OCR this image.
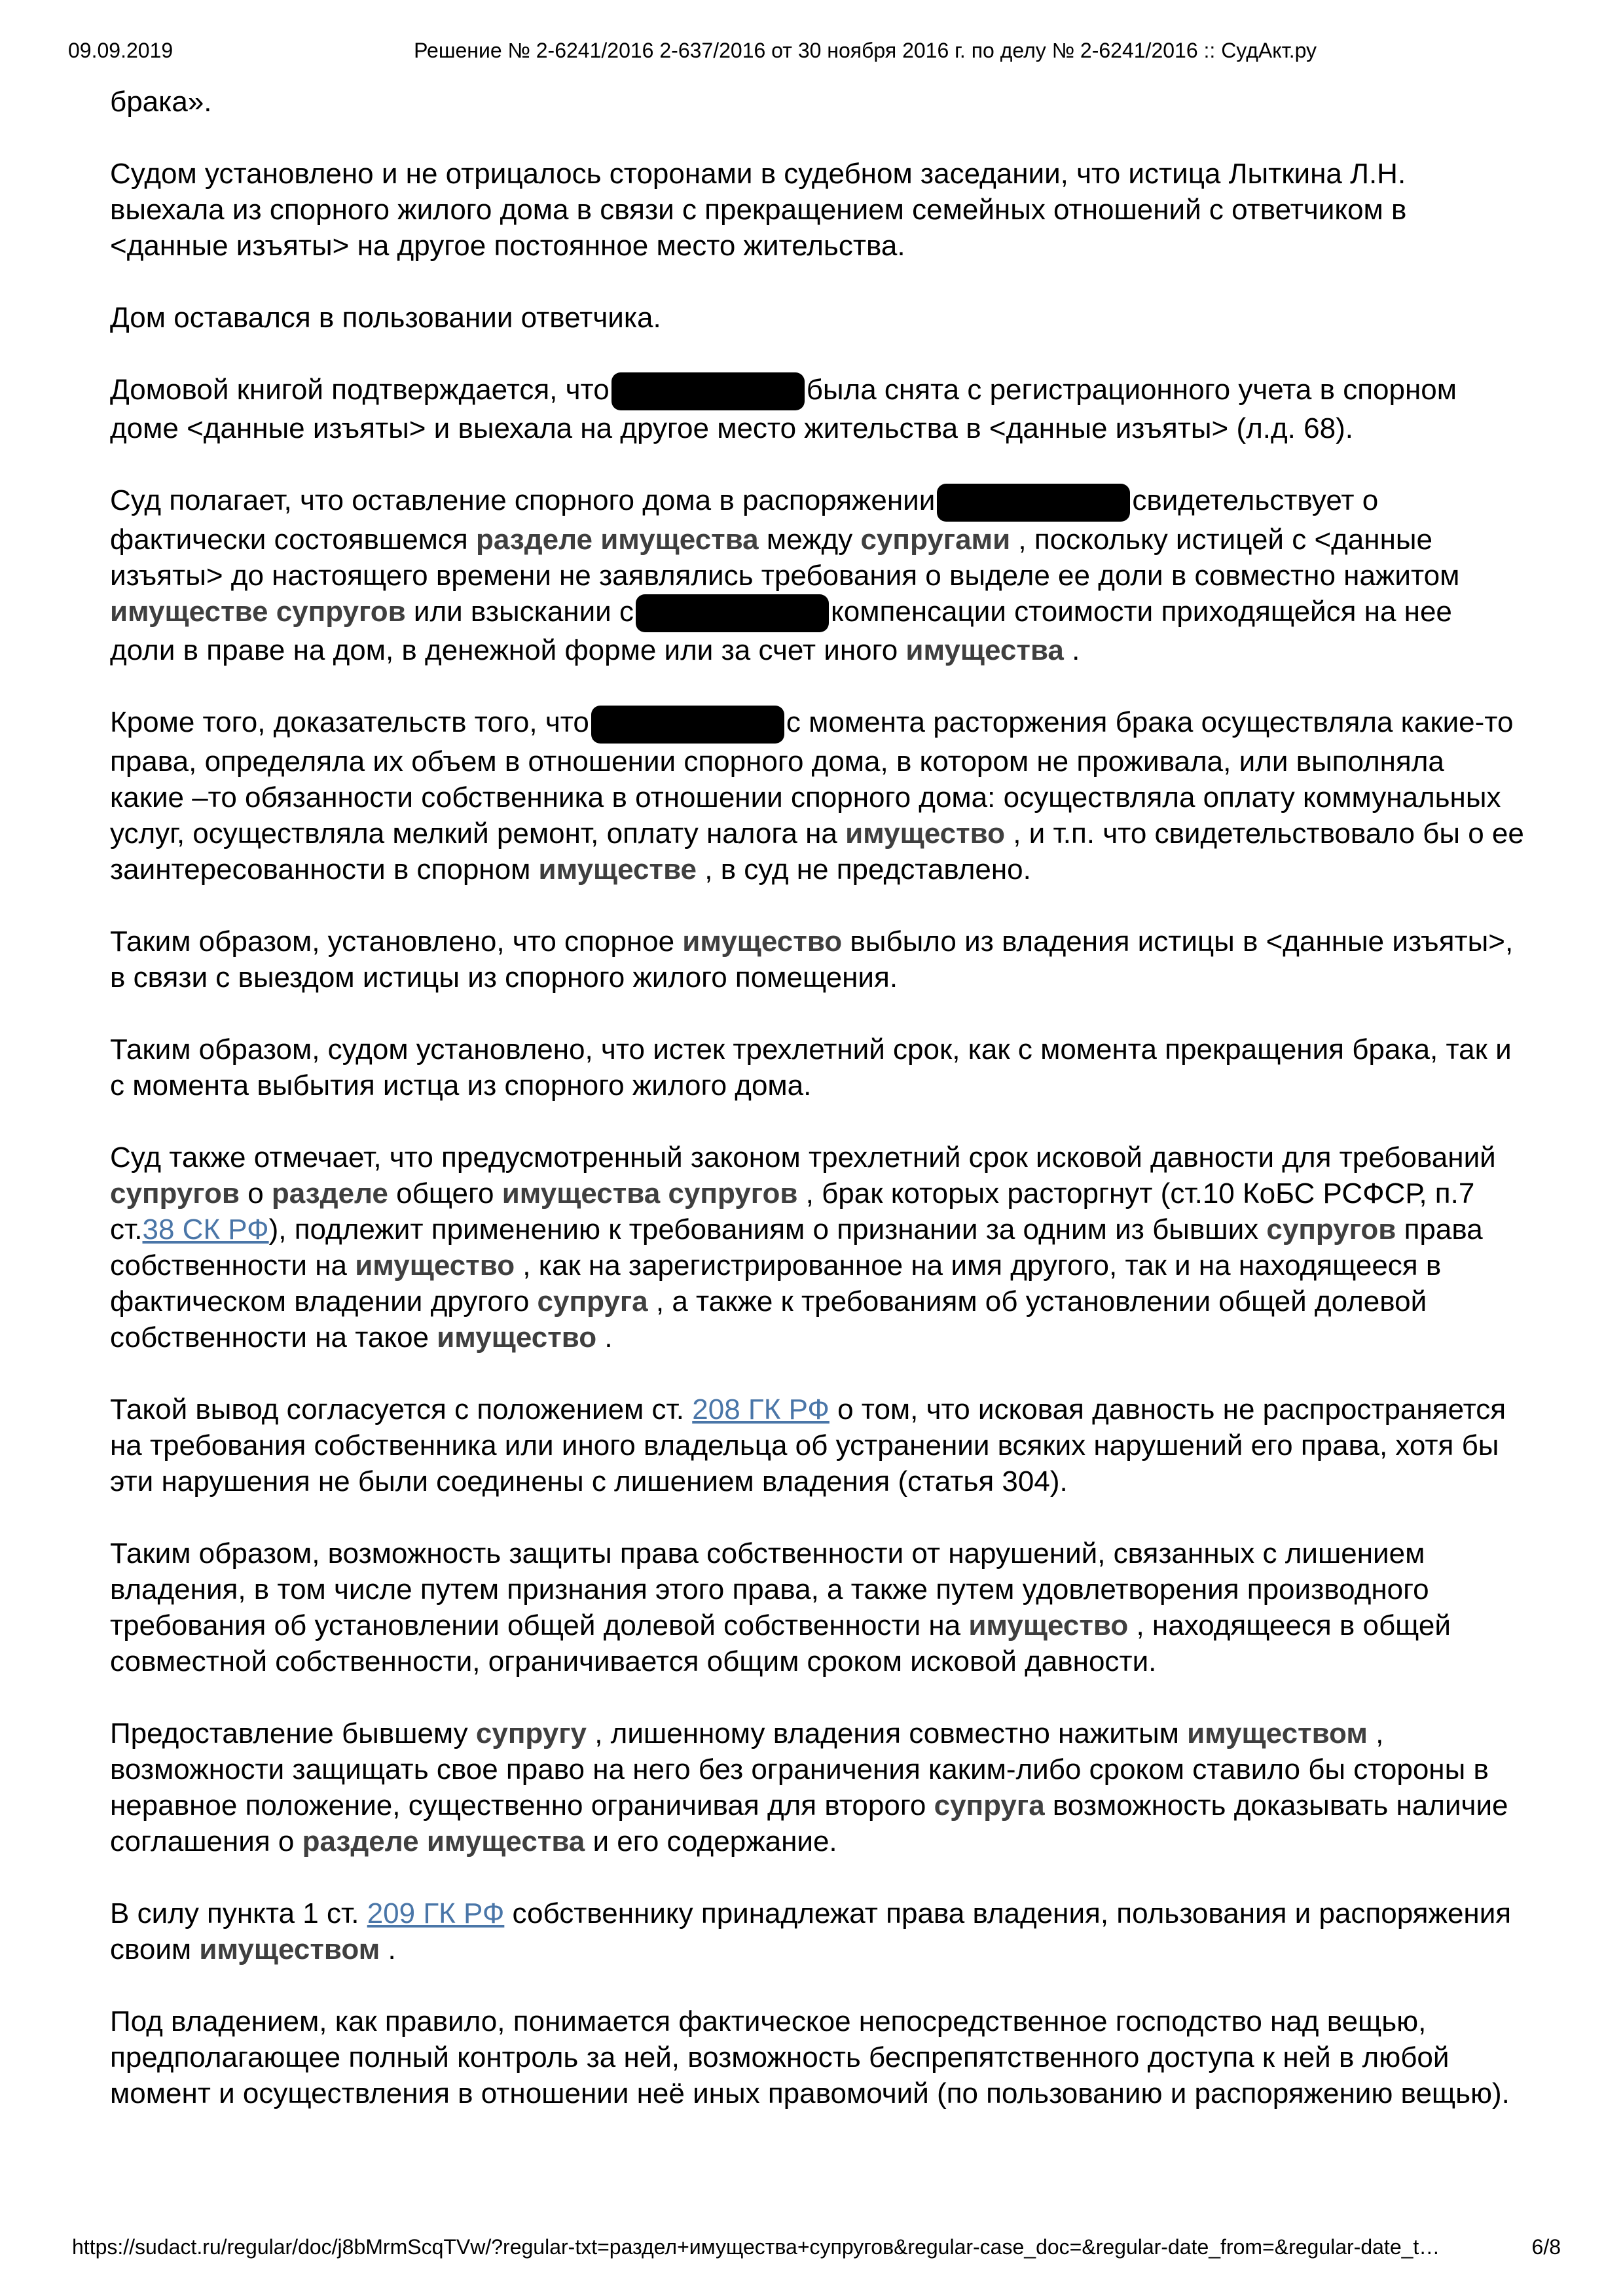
09.09.2019	Решение № 2-6241/2016 2-637/2016 от 30 ноября 2016 г. по делу № 2-6241/2016 :: СудАкт.ру

брака».

Судом установлено и не отрицалось сторонами в судебном заседании, что истица Лыткина Л.Н. выехала из спорного жилого дома в связи с прекращением семейных отношений с ответчиком в <данные изъяты> на другое постоянное место жительства.

Дом оставался в пользовании ответчика.

Домовой книгой подтверждается, что	была снята с регистрационного учета в спорном доме <данные изъяты> и выехала на другое место жительства в <данные изъяты> (л.д. 68).

Суд полагает, что оставление спорного дома в распоряжении	свидетельствует о фактически состоявшемся разделе имущества между супругами , поскольку истицей с <данные изъяты> до настоящего времени не заявлялись требования о выделе ее доли в совместно нажитом имуществе супругов или взыскании с	компенсации стоимости приходящейся на нее доли в праве на дом, в денежной форме или за счет иного имущества .

Кроме того, доказательств того, что	с момента расторжения брака осуществляла какие-то права, определяла их объем в отношении спорного дома, в котором не проживала, или выполняла какие –то обязанности собственника в отношении спорного дома: осуществляла оплату коммунальных услуг, осуществляла мелкий ремонт, оплату налога на имущество , и т.п. что свидетельствовало бы о ее заинтересованности в спорном имуществе , в суд не представлено.

Таким образом, установлено, что спорное имущество выбыло из владения истицы в <данные изъяты>, в связи с выездом истицы из спорного жилого помещения.

Таким образом, судом установлено, что истек трехлетний срок, как с момента прекращения брака, так и с момента выбытия истца из спорного жилого дома.

Суд также отмечает, что предусмотренный законом трехлетний срок исковой давности для требований супругов о разделе общего имущества супругов , брак которых расторгнут (ст.10 КоБС РСФСР, п.7 ст.38 СК РФ), подлежит применению к требованиям о признании за одним из бывших супругов права собственности на имущество , как на зарегистрированное на имя другого, так и на находящееся в фактическом владении другого супруга , а также к требованиям об установлении общей долевой собственности на такое имущество .

Такой вывод согласуется с положением ст. 208 ГК РФ о том, что исковая давность не распространяется на требования собственника или иного владельца об устранении всяких нарушений его права, хотя бы эти нарушения не были соединены с лишением владения (статья 304).

Таким образом, возможность защиты права собственности от нарушений, связанных с лишением владения, в том числе путем признания этого права, а также путем удовлетворения производного требования об установлении общей долевой собственности на имущество , находящееся в общей совместной собственности, ограничивается общим сроком исковой давности.

Предоставление бывшему супругу , лишенному владения совместно нажитым имуществом , возможности защищать свое право на него без ограничения каким-либо сроком ставило бы стороны в неравное положение, существенно ограничивая для второго супруга возможность доказывать наличие соглашения о разделе имущества и его содержание.

В силу пункта 1 ст. 209 ГК РФ собственнику принадлежат права владения, пользования и распоряжения своим имуществом .

Под владением, как правило, понимается фактическое непосредственное господство над вещью, предполагающее полный контроль за ней, возможность беспрепятственного доступа к ней в любой момент и осуществления в отношении неё иных правомочий (по пользованию и распоряжению вещью).

https://sudact.ru/regular/doc/j8bMrmScqTVw/?regular-txt=раздел+имущества+супругов&regular-case_doc=&regular-date_from=&regular-date_t…	6/8
